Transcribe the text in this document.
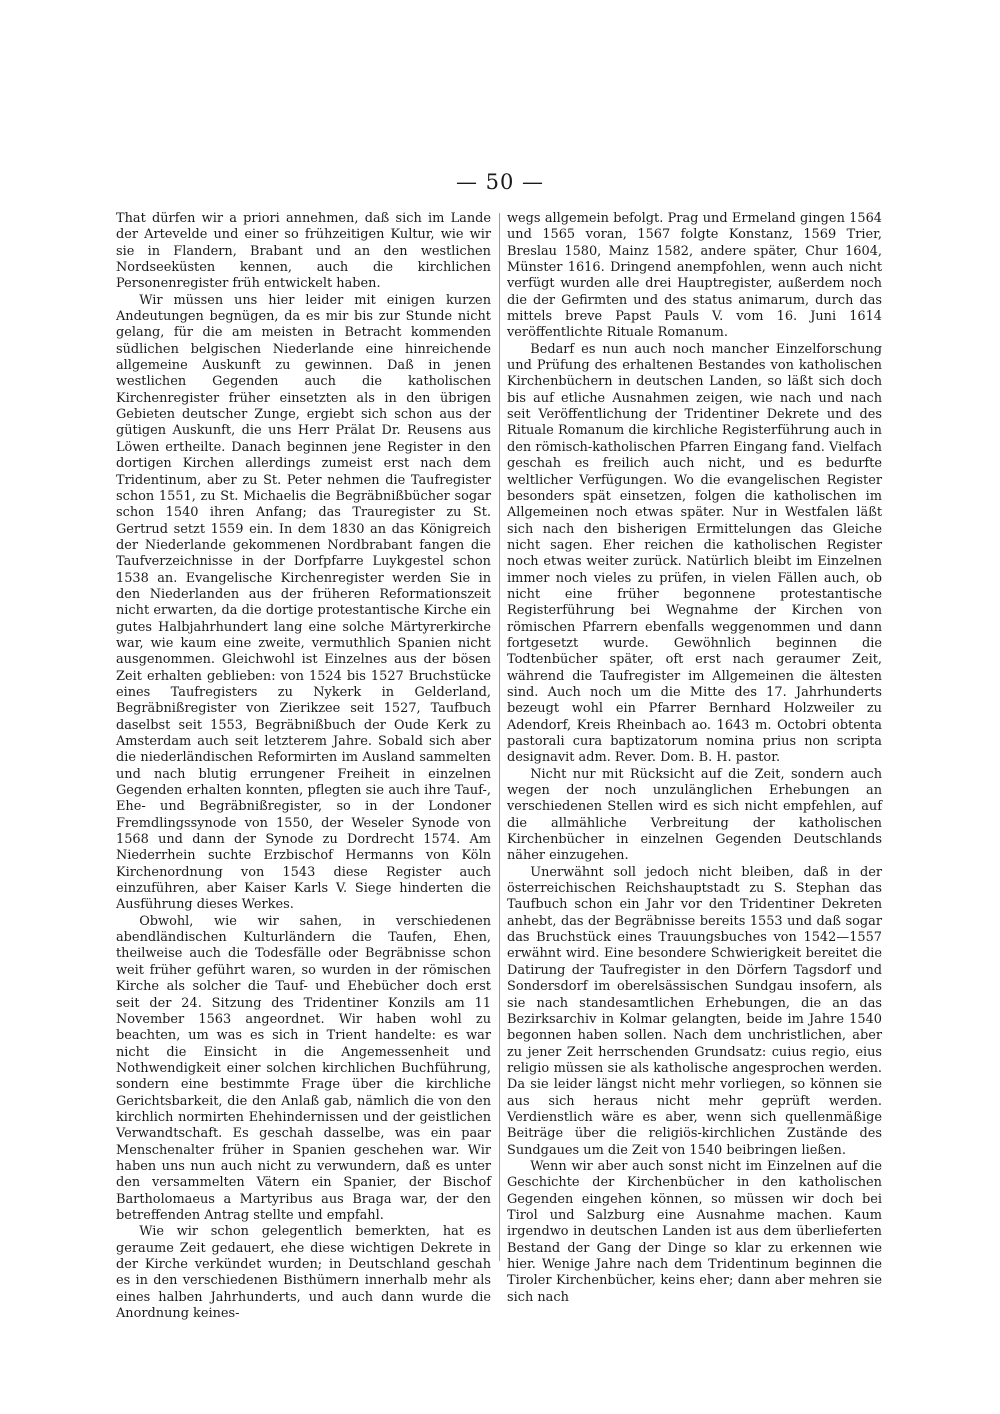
— 50 —

That dürfen wir a priori annehmen, daß sich im Lande der Artevelde und einer so frühzeitigen Kultur, wie wir sie in Flandern, Brabant und an den westlichen Nordseeküsten kennen, auch die kirchlichen Personenregister früh entwickelt haben.

Wir müssen uns hier leider mit einigen kurzen Andeutungen begnügen, da es mir bis zur Stunde nicht gelang, für die am meisten in Betracht kommenden südlichen belgischen Niederlande eine hinreichende allgemeine Auskunft zu gewinnen. Daß in jenen westlichen Gegenden auch die katholischen Kirchenregister früher einsetzten als in den übrigen Gebieten deutscher Zunge, ergiebt sich schon aus der gütigen Auskunft, die uns Herr Prälat Dr. Reusens aus Löwen ertheilte. Danach beginnen jene Register in den dortigen Kirchen allerdings zumeist erst nach dem Tridentinum, aber zu St. Peter nehmen die Taufregister schon 1551, zu St. Michaelis die Begräbnißbücher sogar schon 1540 ihren Anfang; das Trauregister zu St. Gertrud setzt 1559 ein. In dem 1830 an das Königreich der Niederlande gekommenen Nordbrabant fangen die Taufverzeichnisse in der Dorfpfarre Luykgestel schon 1538 an. Evangelische Kirchenregister werden Sie in den Niederlanden aus der früheren Reformationszeit nicht erwarten, da die dortige protestantische Kirche ein gutes Halbjahrhundert lang eine solche Märtyrerkirche war, wie kaum eine zweite, vermuthlich Spanien nicht ausgenommen. Gleichwohl ist Einzelnes aus der bösen Zeit erhalten geblieben: von 1524 bis 1527 Bruchstücke eines Taufregisters zu Nykerk in Gelderland, Begräbnißregister von Zierikzee seit 1527, Taufbuch daselbst seit 1553, Begräbnißbuch der Oude Kerk zu Amsterdam auch seit letzterem Jahre. Sobald sich aber die niederländischen Reformirten im Ausland sammelten und nach blutig errungener Freiheit in einzelnen Gegenden erhalten konnten, pflegten sie auch ihre Tauf-, Ehe- und Begräbnißregister, so in der Londoner Fremdlingssynode von 1550, der Weseler Synode von 1568 und dann der Synode zu Dordrecht 1574. Am Niederrhein suchte Erzbischof Hermanns von Köln Kirchenordnung von 1543 diese Register auch einzuführen, aber Kaiser Karls V. Siege hinderten die Ausführung dieses Werkes.

Obwohl, wie wir sahen, in verschiedenen abendländischen Kulturländern die Taufen, Ehen, theilweise auch die Todesfälle oder Begräbnisse schon weit früher geführt waren, so wurden in der römischen Kirche als solcher die Tauf- und Ehebücher doch erst seit der 24. Sitzung des Tridentiner Konzils am 11 November 1563 angeordnet. Wir haben wohl zu beachten, um was es sich in Trient handelte: es war nicht die Einsicht in die Angemessenheit und Nothwendigkeit einer solchen kirchlichen Buchführung, sondern eine bestimmte Frage über die kirchliche Gerichtsbarkeit, die den Anlaß gab, nämlich die von den kirchlich normirten Ehehindernissen und der geistlichen Verwandtschaft. Es geschah dasselbe, was ein paar Menschenalter früher in Spanien geschehen war. Wir haben uns nun auch nicht zu verwundern, daß es unter den versammelten Vätern ein Spanier, der Bischof Bartholomaeus a Martyribus aus Braga war, der den betreffenden Antrag stellte und empfahl.

Wie wir schon gelegentlich bemerkten, hat es geraume Zeit gedauert, ehe diese wichtigen Dekrete in der Kirche verkündet wurden; in Deutschland geschah es in den verschiedenen Bisthümern innerhalb mehr als eines halben Jahrhunderts, und auch dann wurde die Anordnung keines-

wegs allgemein befolgt. Prag und Ermeland gingen 1564 und 1565 voran, 1567 folgte Konstanz, 1569 Trier, Breslau 1580, Mainz 1582, andere später, Chur 1604, Münster 1616. Dringend anempfohlen, wenn auch nicht verfügt wurden alle drei Hauptregister, außerdem noch die der Gefirmten und des status animarum, durch das mittels breve Papst Pauls V. vom 16. Juni 1614 veröffentlichte Rituale Romanum.

Bedarf es nun auch noch mancher Einzelforschung und Prüfung des erhaltenen Bestandes von katholischen Kirchenbüchern in deutschen Landen, so läßt sich doch bis auf etliche Ausnahmen zeigen, wie nach und nach seit Veröffentlichung der Tridentiner Dekrete und des Rituale Romanum die kirchliche Registerführung auch in den römisch-katholischen Pfarren Eingang fand. Vielfach geschah es freilich auch nicht, und es bedurfte weltlicher Verfügungen. Wo die evangelischen Register besonders spät einsetzen, folgen die katholischen im Allgemeinen noch etwas später. Nur in Westfalen läßt sich nach den bisherigen Ermittelungen das Gleiche nicht sagen. Eher reichen die katholischen Register noch etwas weiter zurück. Natürlich bleibt im Einzelnen immer noch vieles zu prüfen, in vielen Fällen auch, ob nicht eine früher begonnene protestantische Registerführung bei Wegnahme der Kirchen von römischen Pfarrern ebenfalls weggenommen und dann fortgesetzt wurde. Gewöhnlich beginnen die Todtenbücher später, oft erst nach geraumer Zeit, während die Taufregister im Allgemeinen die ältesten sind. Auch noch um die Mitte des 17. Jahrhunderts bezeugt wohl ein Pfarrer Bernhard Holzweiler zu Adendorf, Kreis Rheinbach ao. 1643 m. Octobri obtenta pastorali cura baptizatorum nomina prius non scripta designavit adm. Rever. Dom. B. H. pastor.

Nicht nur mit Rücksicht auf die Zeit, sondern auch wegen der noch unzulänglichen Erhebungen an verschiedenen Stellen wird es sich nicht empfehlen, auf die allmähliche Verbreitung der katholischen Kirchenbücher in einzelnen Gegenden Deutschlands näher einzugehen.

Unerwähnt soll jedoch nicht bleiben, daß in der österreichischen Reichshauptstadt zu S. Stephan das Taufbuch schon ein Jahr vor den Tridentiner Dekreten anhebt, das der Begräbnisse bereits 1553 und daß sogar das Bruchstück eines Trauungsbuches von 1542—1557 erwähnt wird. Eine besondere Schwierigkeit bereitet die Datirung der Taufregister in den Dörfern Tagsdorf und Sondersdorf im oberelsässischen Sundgau insofern, als sie nach standesamtlichen Erhebungen, die an das Bezirksarchiv in Kolmar gelangten, beide im Jahre 1540 begonnen haben sollen. Nach dem unchristlichen, aber zu jener Zeit herrschenden Grundsatz: cuius regio, eius religio müssen sie als katholische angesprochen werden. Da sie leider längst nicht mehr vorliegen, so können sie aus sich heraus nicht mehr geprüft werden. Verdienstlich wäre es aber, wenn sich quellenmäßige Beiträge über die religiös-kirchlichen Zustände des Sundgaues um die Zeit von 1540 beibringen ließen.

Wenn wir aber auch sonst nicht im Einzelnen auf die Geschichte der Kirchenbücher in den katholischen Gegenden eingehen können, so müssen wir doch bei Tirol und Salzburg eine Ausnahme machen. Kaum irgendwo in deutschen Landen ist aus dem überlieferten Bestand der Gang der Dinge so klar zu erkennen wie hier. Wenige Jahre nach dem Tridentinum beginnen die Tiroler Kirchenbücher, keins eher; dann aber mehren sie sich nach
